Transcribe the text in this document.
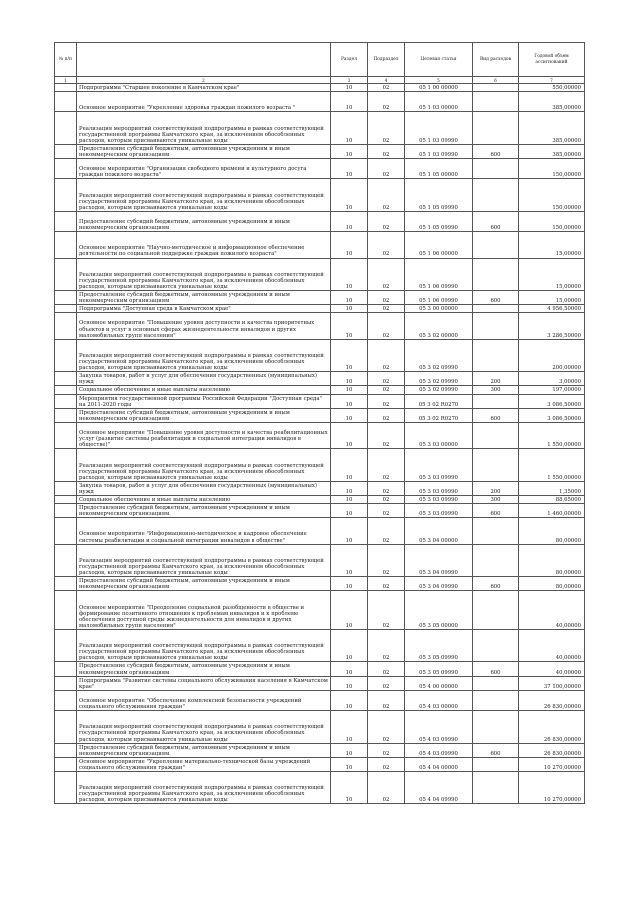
№ п/п		Раздел	Подраздел	Целевая статья	Вид расходов	Годовой объем ассигнований
1	2	3	4	5	6	7
	Подпрограмма "Старшее поколение в Камчатском крае"	10	02	05 1 00 00000		550,00000
	Основное мероприятие "Укрепление здоровья граждан пожилого возраста "	10	02	05 1 03 00000		385,00000
	Реализация мероприятий соответствующей подпрограммы в рамках соответствующей государственной программы Камчатского края, за исключением обособленных расходов, которым присваиваются уникальные коды	10	02	05 1 03 09990		385,00000
	Предоставление субсидий бюджетным, автономным учреждениям и иным некоммерческим организациям	10	02	05 1 03 09990	600	385,00000
	Основное мероприятие "Организация свободного времени и культурного досуга граждан пожилого возраста"	10	02	05 1 05 00000		150,00000
	Реализация мероприятий соответствующей подпрограммы в рамках соответствующей государственной программы Камчатского края, за исключением обособленных расходов, которым присваиваются уникальные коды	10	02	05 1 05 09990		150,00000
	Предоставление субсидий бюджетным, автономным учреждениям и иным некоммерческим организациям	10	02	05 1 05 09990	600	150,00000
	Основное мероприятие "Научно-методическое и информационное обеспечение деятельности по социальной поддержке граждан пожилого возраста"	10	02	05 1 06 00000		15,00000
	Реализация мероприятий соответствующей подпрограммы в рамках соответствующей государственной программы Камчатского края, за исключением обособленных расходов, которым присваиваются уникальные коды	10	02	05 1 06 09990		15,00000
	Предоставление субсидий бюджетным, автономным учреждениям и иным некоммерческим организациям	10	02	05 1 06 09990	600	15,00000
	Подпрограмма "Доступная среда в Камчатском крае"	10	02	05 3 00 00000		4 956,50000
	Основное мероприятие "Повышение уровня доступности и качества приоритетных объектов и услуг в основных сферах жизнедеятельности инвалидов и других маломобильных групп населения"	10	02	05 3 02 00000		3 286,50000
	Реализация мероприятий соответствующей подпрограммы в рамках соответствующей государственной программы Камчатского края, за исключением обособленных расходов, которым присваиваются уникальные коды	10	02	05 3 02 09990		200,00000
	Закупка товаров, работ и услуг для обеспечения государственных (муниципальных) нужд	10	02	05 3 02 09990	200	3,00000
	Социальное обеспечение и иные выплаты населению	10	02	05 3 02 09990	300	197,00000
	Мероприятия государственной программы Российской Федерации "Доступная среда" на 2011-2020 годы	10	02	05 3 02 R0270		3 086,50000
	Предоставление субсидий бюджетным, автономным учреждениям и иным некоммерческим организациям	10	02	05 3 02 R0270	600	3 086,50000
	Основное мероприятие "Повышение уровня доступности и качества реабилитационных услуг (развитие системы реабилитации и социальной интеграции инвалидов в обществе)"	10	02	05 3 03 00000		1 550,00000
	Реализация мероприятий соответствующей подпрограммы в рамках соответствующей государственной программы Камчатского края, за исключением обособленных расходов, которым присваиваются уникальные коды	10	02	05 3 03 09990		1 550,00000
	Закупка товаров, работ и услуг для обеспечения государственных (муниципальных) нужд	10	02	05 3 03 09990	200	1,35000
	Социальное обеспечение и иные выплаты населению	10	02	05 3 03 09990	300	88,65000
	Предоставление субсидий бюджетным, автономным учреждениям и иным некоммерческим организациям	10	02	05 3 03 09990	600	1 460,00000
	Основное мероприятие "Информационно-методическое и кадровое обеспечение системы реабилитации и социальной интеграции инвалидов в обществе"	10	02	05 3 04 00000		80,00000
	Реализация мероприятий соответствующей подпрограммы в рамках соответствующей государственной программы Камчатского края, за исключением обособленных расходов, которым присваиваются уникальные коды	10	02	05 3 04 09990		80,00000
	Предоставление субсидий бюджетным, автономным учреждениям и иным некоммерческим организациям	10	02	05 3 04 09990	600	80,00000
	Основное мероприятие "Преодоление социальной разобщенности в обществе и формирование позитивного отношения к проблемам инвалидов и к проблеме обеспечения доступной среды жизнедеятельности для инвалидов и других маломобильных групп населения"	10	02	05 3 05 00000		40,00000
	Реализация мероприятий соответствующей подпрограммы в рамках соответствующей государственной программы Камчатского края, за исключением обособленных расходов, которым присваиваются уникальные коды	10	02	05 3 05 09990		40,00000
	Предоставление субсидий бюджетным, автономным учреждениям и иным некоммерческим организациям	10	02	05 3 05 09990	600	40,00000
	Подпрограмма "Развитие системы социального обслуживания населения в Камчатском крае"	10	02	05 4 00 00000		37 100,00000
	Основное мероприятие "Обеспечение комплексной безопасности учреждений социального обслуживания граждан"	10	02	05 4 03 00000		26 830,00000
	Реализация мероприятий соответствующей подпрограммы в рамках соответствующей государственной программы Камчатского края, за исключением обособленных расходов, которым присваиваются уникальные коды	10	02	05 4 03 09990		26 830,00000
	Предоставление субсидий бюджетным, автономным учреждениям и иным некоммерческим организациям	10	02	05 4 03 09990	600	26 830,00000
	Основное мероприятие "Укрепление материально-технической базы учреждений социального обслуживания граждан"	10	02	05 4 04 00000		10 270,00000
	Реализация мероприятий соответствующей подпрограммы в рамках соответствующей государственной программы Камчатского края, за исключением обособленных расходов, которым присваиваются уникальные коды	10	02	05 4 04 09990		10 270,00000
